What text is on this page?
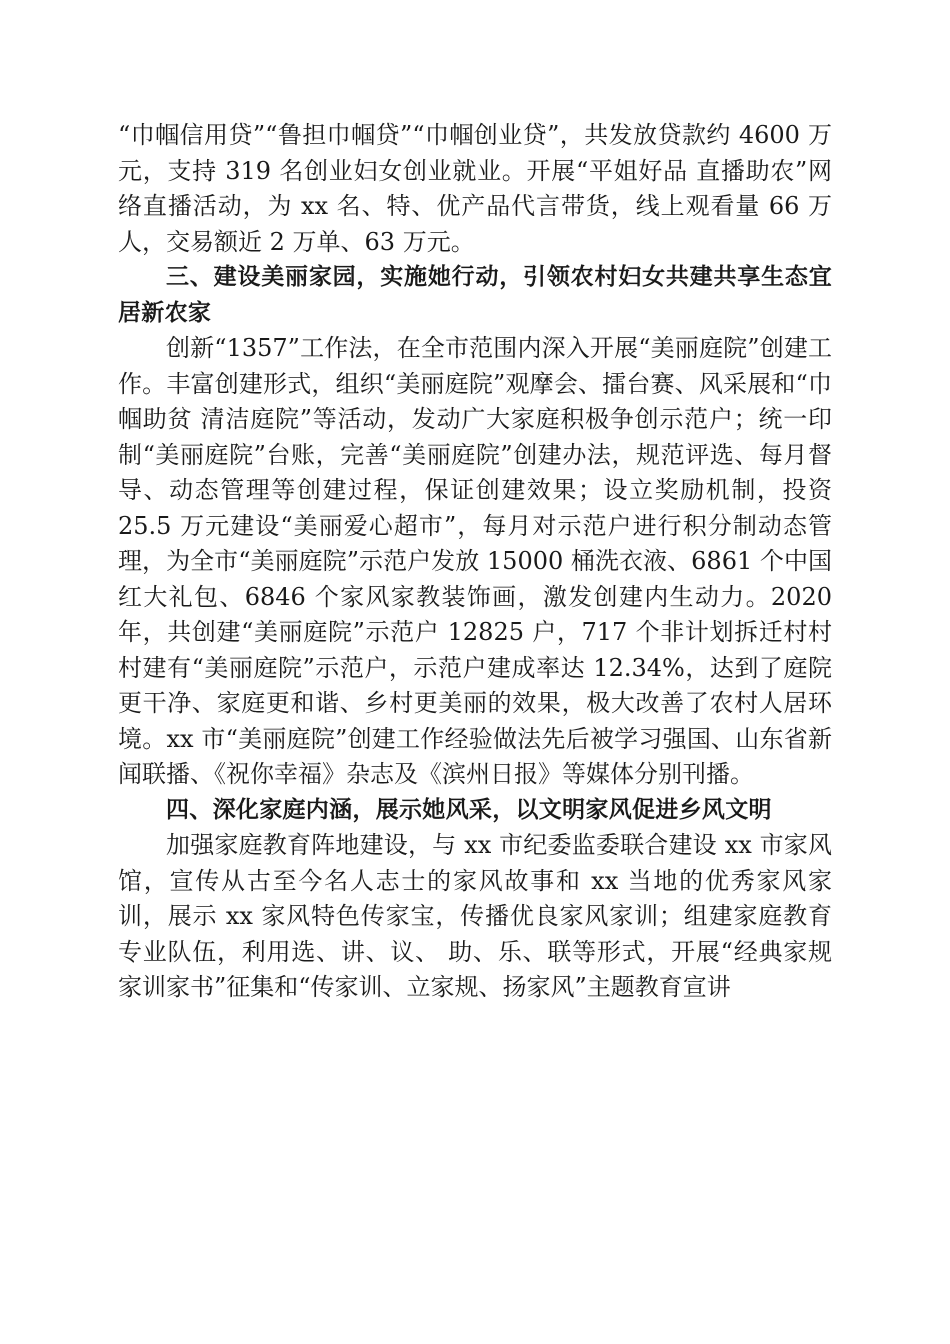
“巾帼信用贷”“鲁担巾帼贷”“巾帼创业贷”，共发放贷款约 4600 万元，支持 319 名创业妇女创业就业。开展“平姐好品 直播助农”网络直播活动，为 xx 名、特、优产品代言带货，线上观看量 66 万人，交易额近 2 万单、63 万元。

三、建设美丽家园，实施她行动，引领农村妇女共建共享生态宜居新农家

创新“1357”工作法，在全市范围内深入开展“美丽庭院”创建工作。丰富创建形式，组织“美丽庭院”观摩会、擂台赛、风采展和“巾帼助贫 清洁庭院”等活动，发动广大家庭积极争创示范户；统一印制“美丽庭院”台账，完善“美丽庭院”创建办法，规范评选、每月督导、动态管理等创建过程，保证创建效果；设立奖励机制，投资 25.5 万元建设“美丽爱心超市”，每月对示范户进行积分制动态管理，为全市“美丽庭院”示范户发放 15000 桶洗衣液、6861 个中国红大礼包、6846 个家风家教装饰画，激发创建内生动力。2020 年，共创建“美丽庭院”示范户 12825 户，717 个非计划拆迁村村村建有“美丽庭院”示范户，示范户建成率达 12.34%，达到了庭院更干净、家庭更和谐、乡村更美丽的效果，极大改善了农村人居环境。xx 市“美丽庭院”创建工作经验做法先后被学习强国、山东省新闻联播、《祝你幸福》杂志及《滨州日报》等媒体分别刊播。

四、深化家庭内涵，展示她风采，以文明家风促进乡风文明

加强家庭教育阵地建设，与 xx 市纪委监委联合建设 xx 市家风馆，宣传从古至今名人志士的家风故事和 xx 当地的优秀家风家训，展示 xx 家风特色传家宝，传播优良家风家训；组建家庭教育专业队伍，利用选、讲、议、 助、乐、联等形式，开展“经典家规家训家书”征集和“传家训、立家规、扬家风”主题教育宣讲
